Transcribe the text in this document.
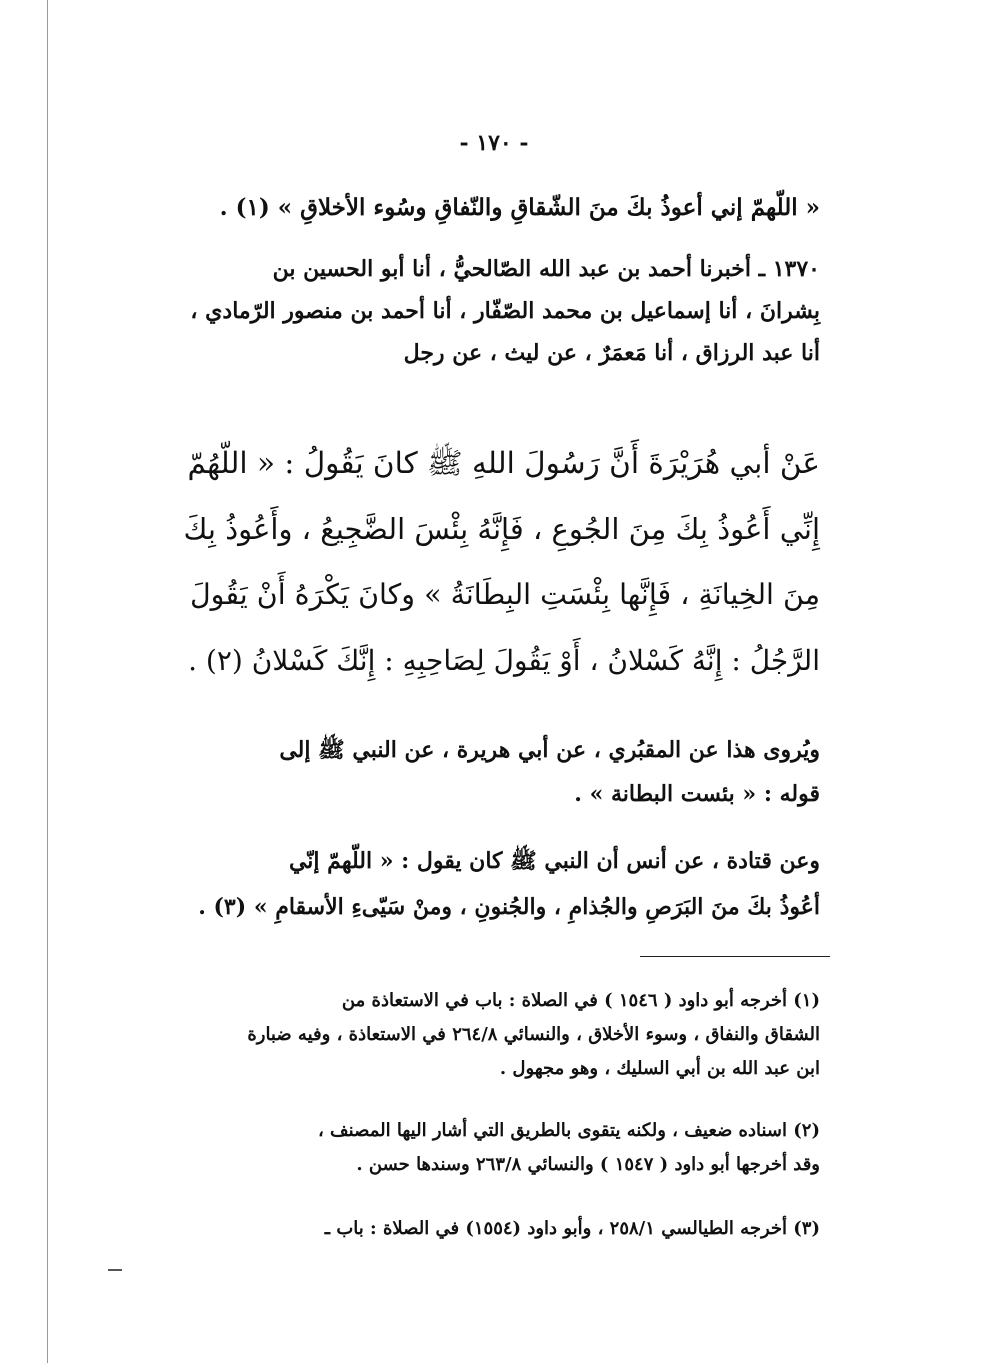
- ١٧٠ -
« اللّهمّ إني أعوذُ بكَ منَ الشّقاقِ والنّفاقِ وسُوء الأخلاقِ » (١) .
١٣٧٠ ـ أخبرنا أحمد بن عبد الله الصّالحيُّ ، أنا أبو الحسين بن
بِشرانَ ، أنا إسماعيل بن محمد الصّفّار ، أنا أحمد بن منصور الرّمادي ،
أنا عبد الرزاق ، أنا مَعمَرٌ ، عن ليث ، عن رجل
عَنْ أبي هُرَيْرَةَ أَنَّ رَسُولَ اللهِ ﷺ كانَ يَقُولُ : « اللّهُمّ
إِنِّي أَعُوذُ بِكَ مِنَ الجُوعِ ، فَإِنَّهُ بِئْسَ الضَّجِيعُ ، وأَعُوذُ بِكَ
مِنَ الخِيانَةِ ، فَإِنَّها بِئْسَتِ البِطَانَةُ » وكانَ يَكْرَهُ أَنْ يَقُولَ
الرَّجُلُ : إِنَّهُ كَسْلانُ ، أَوْ يَقُولَ لِصَاحِبِهِ : إِنَّكَ كَسْلانُ (٢) .
ويُروى هذا عن المقبُري ، عن أبي هريرة ، عن النبي ﷺ إلى
قوله : « بئست البطانة » .
وعن قتادة ، عن أنس أن النبي ﷺ كان يقول : « اللّهمّ إنّي
أعُوذُ بكَ منَ البَرَصِ والجُذامِ ، والجُنونِ ، ومنْ سَيّىءِ الأسقامِ » (٣) .
(١) أخرجه أبو داود ( ١٥٤٦ ) في الصلاة : باب في الاستعاذة من
الشقاق والنفاق ، وسوء الأخلاق ، والنسائي ٢٦٤/٨ في الاستعاذة ، وفيه ضبارة
ابن عبد الله بن أبي السليك ، وهو مجهول .
(٢) اسناده ضعيف ، ولكنه يتقوى بالطريق التي أشار اليها المصنف ،
وقد أخرجها أبو داود ( ١٥٤٧ ) والنسائي ٢٦٣/٨ وسندها حسن .
(٣) أخرجه الطيالسي ٢٥٨/١ ، وأبو داود (١٥٥٤) في الصلاة : باب ـ
